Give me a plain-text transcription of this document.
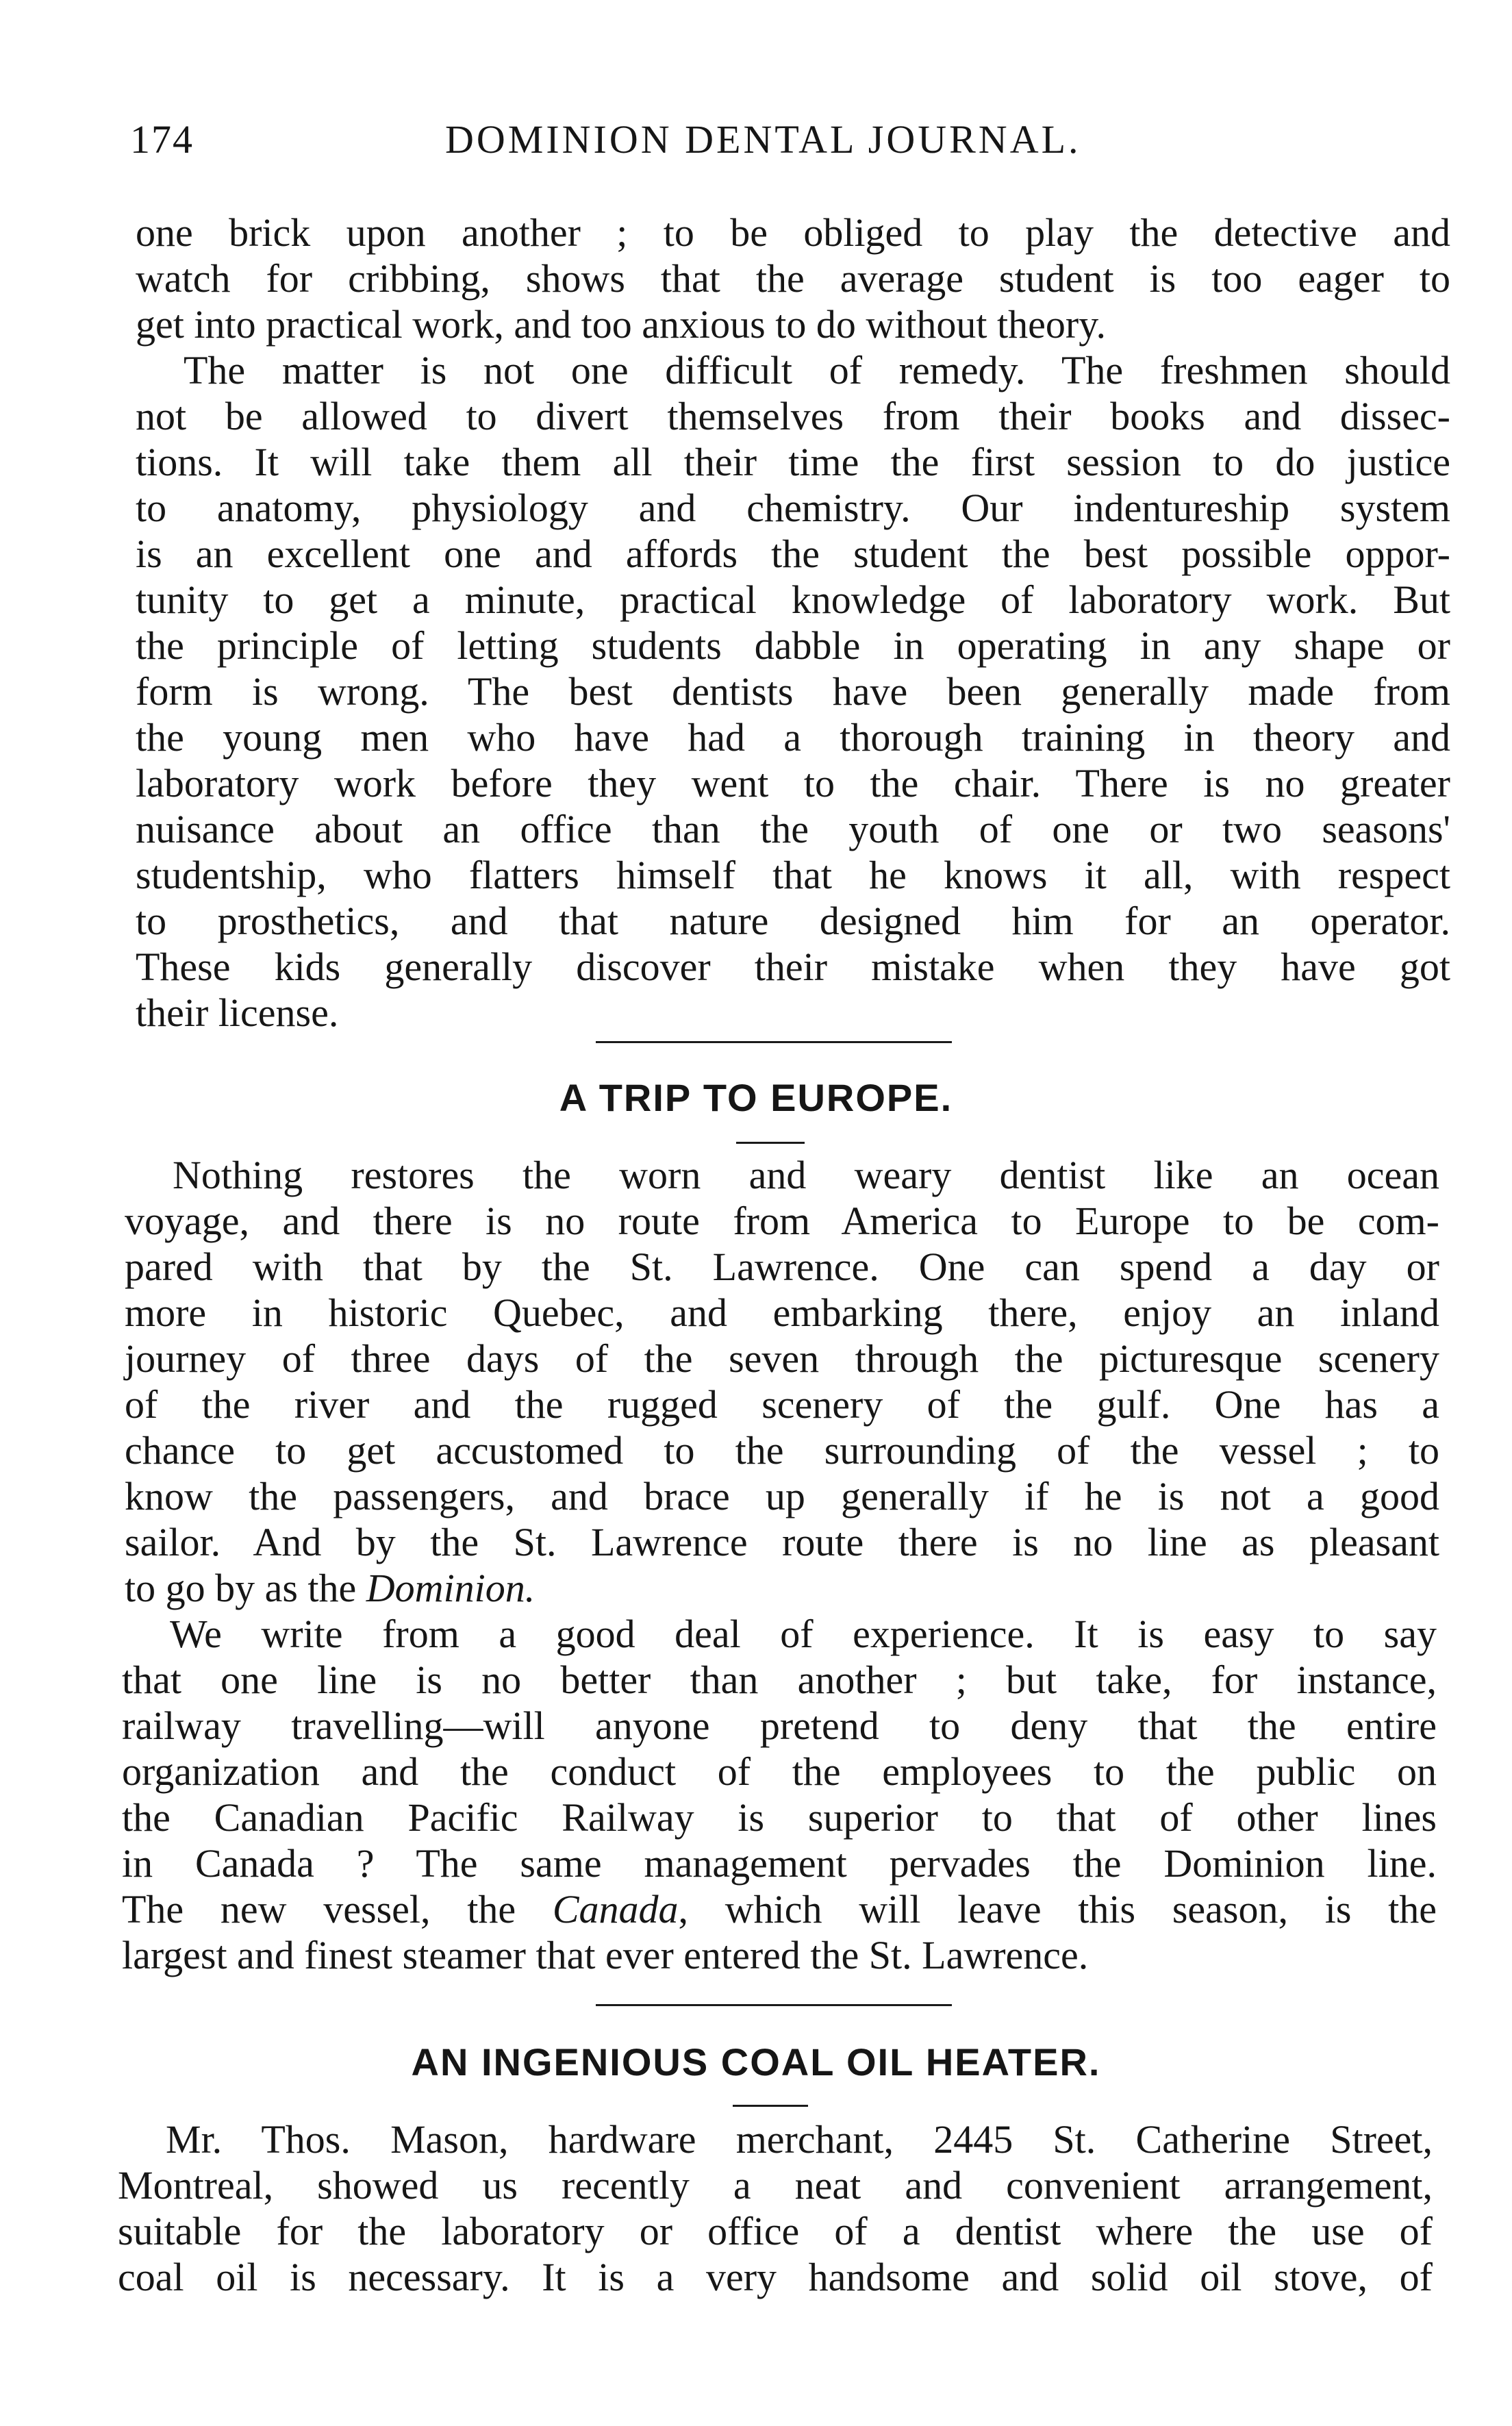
174	DOMINION DENTAL JOURNAL.
one brick upon another ; to be obliged to play the detective and
watch for cribbing, shows that the average student is too eager to
get into practical work, and too anxious to do without theory.
The matter is not one difficult of remedy. The freshmen should
not be allowed to divert themselves from their books and dissec-
tions. It will take them all their time the first session to do justice
to anatomy, physiology and chemistry. Our indentureship system
is an excellent one and affords the student the best possible oppor-
tunity to get a minute, practical knowledge of laboratory work. But
the principle of letting students dabble in operating in any shape or
form is wrong. The best dentists have been generally made from
the young men who have had a thorough training in theory and
laboratory work before they went to the chair. There is no greater
nuisance about an office than the youth of one or two seasons'
studentship, who flatters himself that he knows it all, with respect
to prosthetics, and that nature designed him for an operator.
These kids generally discover their mistake when they have got
their license.
A TRIP TO EUROPE.
Nothing restores the worn and weary dentist like an ocean
voyage, and there is no route from America to Europe to be com-
pared with that by the St. Lawrence. One can spend a day or
more in historic Quebec, and embarking there, enjoy an inland
journey of three days of the seven through the picturesque scenery
of the river and the rugged scenery of the gulf. One has a
chance to get accustomed to the surrounding of the vessel ; to
know the passengers, and brace up generally if he is not a good
sailor. And by the St. Lawrence route there is no line as pleasant
to go by as the Dominion.
We write from a good deal of experience. It is easy to say
that one line is no better than another ; but take, for instance,
railway travelling—will anyone pretend to deny that the entire
organization and the conduct of the employees to the public on
the Canadian Pacific Railway is superior to that of other lines
in Canada ? The same management pervades the Dominion line.
The new vessel, the Canada, which will leave this season, is the
largest and finest steamer that ever entered the St. Lawrence.
AN INGENIOUS COAL OIL HEATER.
Mr. Thos. Mason, hardware merchant, 2445 St. Catherine Street,
Montreal, showed us recently a neat and convenient arrangement,
suitable for the laboratory or office of a dentist where the use of
coal oil is necessary. It is a very handsome and solid oil stove, of
